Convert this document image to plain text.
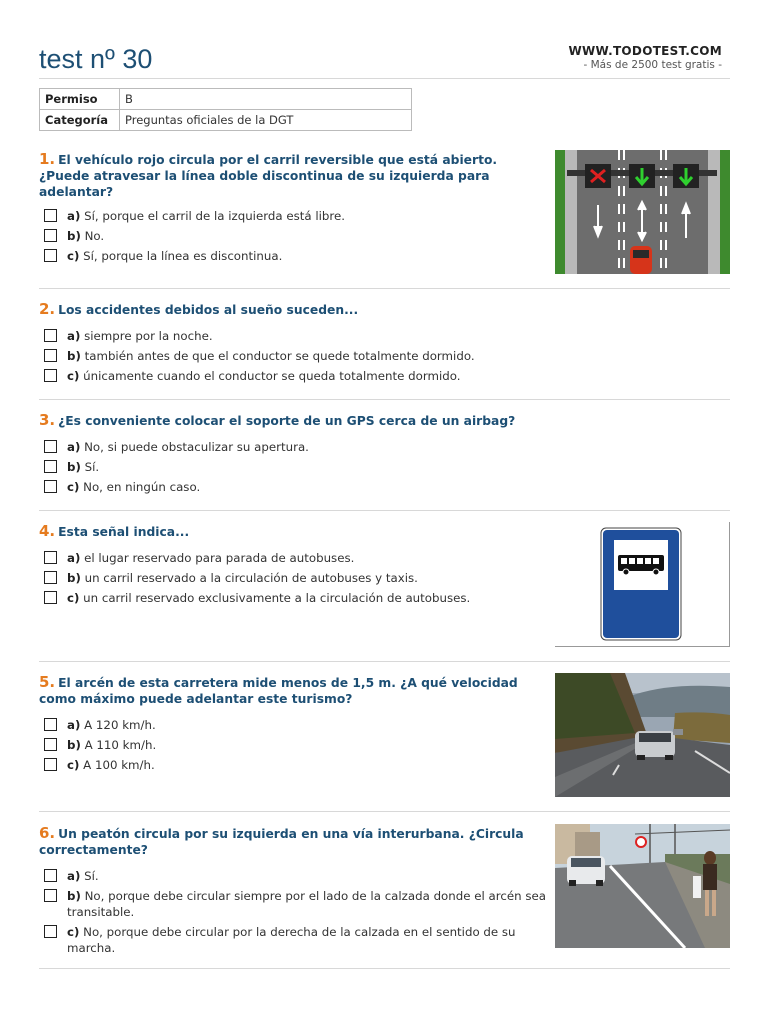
test nº 30	WWW.TODOTEST.COM
- Más de 2500 test gratis -
Permiso	B
Categoría	Preguntas oficiales de la DGT
1. El vehículo rojo circula por el carril reversible que está abierto. ¿Puede atravesar la línea doble discontinua de su izquierda para adelantar?
a) Sí, porque el carril de la izquierda está libre.
b) No.
c) Sí, porque la línea es discontinua.
2. Los accidentes debidos al sueño suceden...
a) siempre por la noche.
b) también antes de que el conductor se quede totalmente dormido.
c) únicamente cuando el conductor se queda totalmente dormido.
3. ¿Es conveniente colocar el soporte de un GPS cerca de un airbag?
a) No, si puede obstaculizar su apertura.
b) Sí.
c) No, en ningún caso.
4. Esta señal indica...
a) el lugar reservado para parada de autobuses.
b) un carril reservado a la circulación de autobuses y taxis.
c) un carril reservado exclusivamente a la circulación de autobuses.
5. El arcén de esta carretera mide menos de 1,5 m. ¿A qué velocidad como máximo puede adelantar este turismo?
a) A 120 km/h.
b) A 110 km/h.
c) A 100 km/h.
6. Un peatón circula por su izquierda en una vía interurbana. ¿Circula correctamente?
a) Sí.
b) No, porque debe circular siempre por el lado de la calzada donde el arcén sea transitable.
c) No, porque debe circular por la derecha de la calzada en el sentido de su marcha.
